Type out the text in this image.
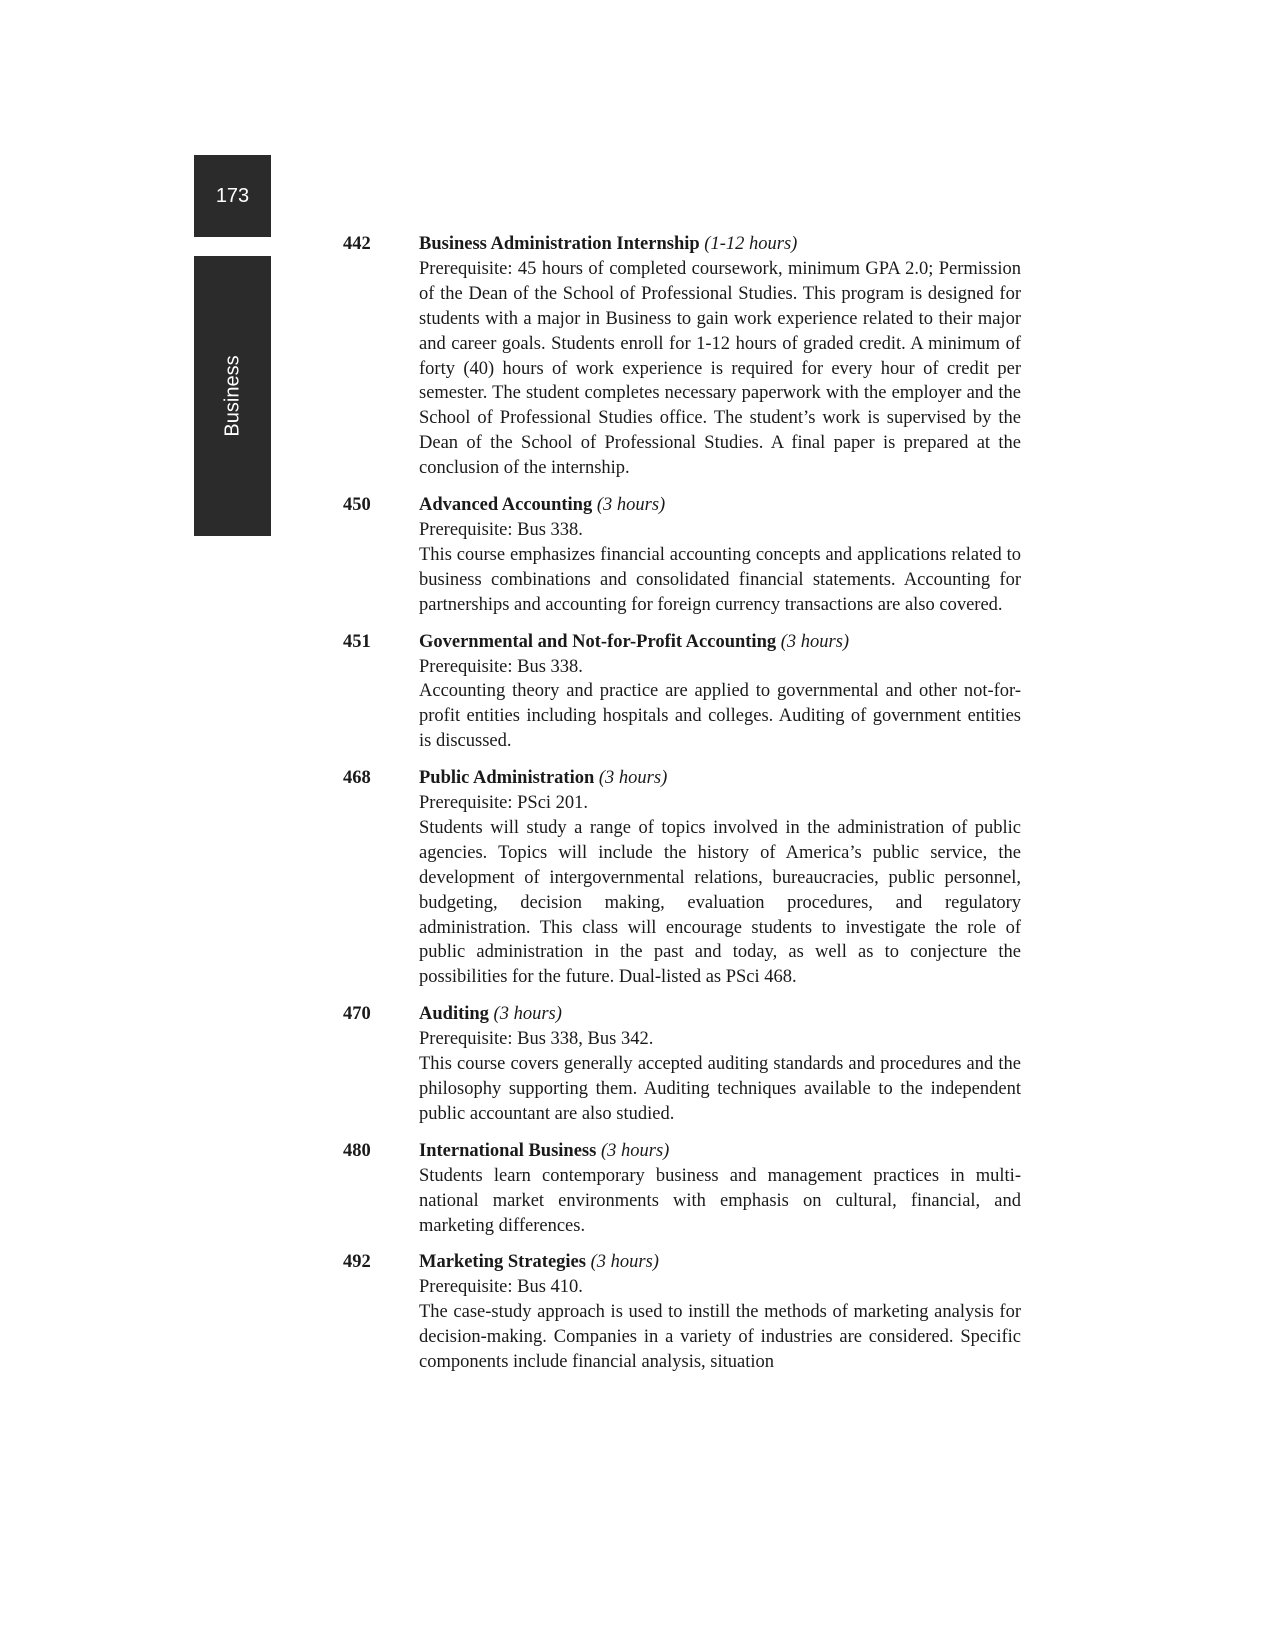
173
Business
442	Business Administration Internship (1-12 hours)

Prerequisite: 45 hours of completed coursework, minimum GPA 2.0; Permission of the Dean of the School of Professional Studies. This program is designed for students with a major in Business to gain work experience related to their major and career goals. Students enroll for 1-12 hours of graded credit. A minimum of forty (40) hours of work experience is required for every hour of credit per semester. The student completes necessary paperwork with the employer and the School of Professional Studies office. The student’s work is supervised by the Dean of the School of Professional Studies. A final paper is prepared at the conclusion of the internship.

450	Advanced Accounting (3 hours)

Prerequisite: Bus 338.

This course emphasizes financial accounting concepts and applications related to business combinations and consolidated financial statements. Accounting for partnerships and accounting for foreign currency transactions are also covered.

451	Governmental and Not-for-Profit Accounting (3 hours)

Prerequisite: Bus 338.

Accounting theory and practice are applied to governmental and other not-for-profit entities including hospitals and colleges. Auditing of government entities is discussed.

468	Public Administration (3 hours)

Prerequisite: PSci 201.

Students will study a range of topics involved in the administration of public agencies. Topics will include the history of America’s public service, the development of intergovernmental relations, bureaucracies, public personnel, budgeting, decision making, evaluation procedures, and regulatory administration. This class will encourage students to investigate the role of public administration in the past and today, as well as to conjecture the possibilities for the future. Dual-listed as PSci 468.

470	Auditing (3 hours)

Prerequisite: Bus 338, Bus 342.

This course covers generally accepted auditing standards and procedures and the philosophy supporting them. Auditing techniques available to the independent public accountant are also studied.

480	International Business (3 hours)

Students learn contemporary business and management practices in multi-national market environments with emphasis on cultural, financial, and marketing differences.

492	Marketing Strategies (3 hours)

Prerequisite: Bus 410.

The case-study approach is used to instill the methods of marketing analysis for decision-making. Companies in a variety of industries are considered. Specific components include financial analysis, situation
